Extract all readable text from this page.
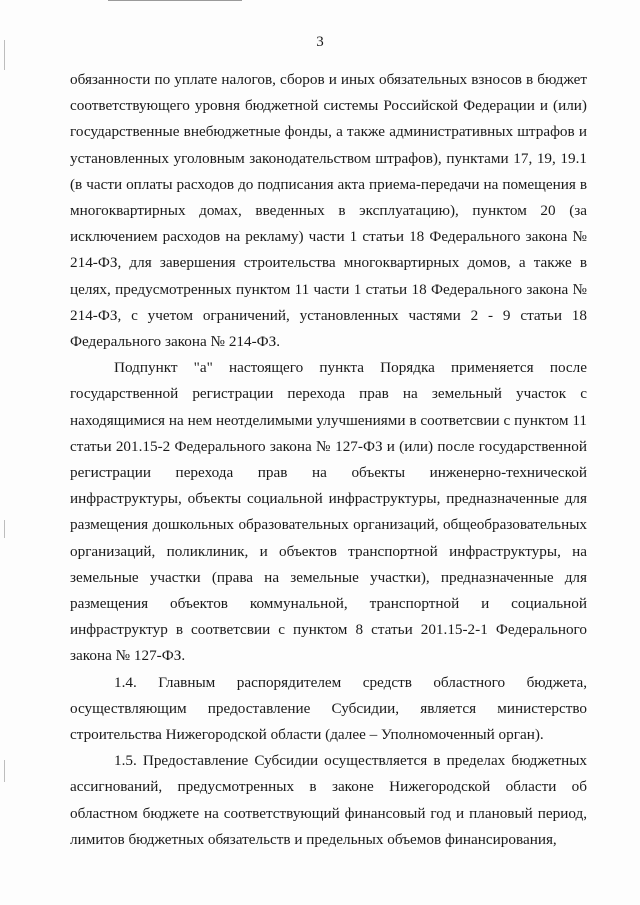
3

обязанности по уплате налогов, сборов и иных обязательных взносов в бюджет соответствующего уровня бюджетной системы Российской Федерации и (или) государственные внебюджетные фонды, а также административных штрафов и установленных уголовным законодательством штрафов), пунктами 17, 19, 19.1 (в части оплаты расходов до подписания акта приема-передачи на помещения в многоквартирных домах, введенных в эксплуатацию), пунктом 20 (за исключением расходов на рекламу) части 1 статьи 18 Федерального закона № 214-ФЗ, для завершения строительства многоквартирных домов, а также в целях, предусмотренных пунктом 11 части 1 статьи 18 Федерального закона № 214-ФЗ, с учетом ограничений, установленных частями 2 - 9 статьи 18 Федерального закона № 214-ФЗ.

Подпункт "а" настоящего пункта Порядка применяется после государственной регистрации перехода прав на земельный участок с находящимися на нем неотделимыми улучшениями в соответсвии с пунктом 11 статьи 201.15-2 Федерального закона № 127-ФЗ и (или) после государственной регистрации перехода прав на объекты инженерно-технической инфраструктуры, объекты социальной инфраструктуры, предназначенные для размещения дошкольных образовательных организаций, общеобразовательных организаций, поликлиник, и объектов транспортной инфраструктуры, на земельные участки (права на земельные участки), предназначенные для размещения объектов коммунальной, транспортной и социальной инфраструктур в соответсвии с пунктом 8 статьи 201.15-2-1 Федерального закона № 127-ФЗ.

1.4. Главным распорядителем средств областного бюджета, осуществляющим предоставление Субсидии, является министерство строительства Нижегородской области (далее – Уполномоченный орган).

1.5. Предоставление Субсидии осуществляется в пределах бюджетных ассигнований, предусмотренных в законе Нижегородской области об областном бюджете на соответствующий финансовый год и плановый период, лимитов бюджетных обязательств и предельных объемов финансирования,
